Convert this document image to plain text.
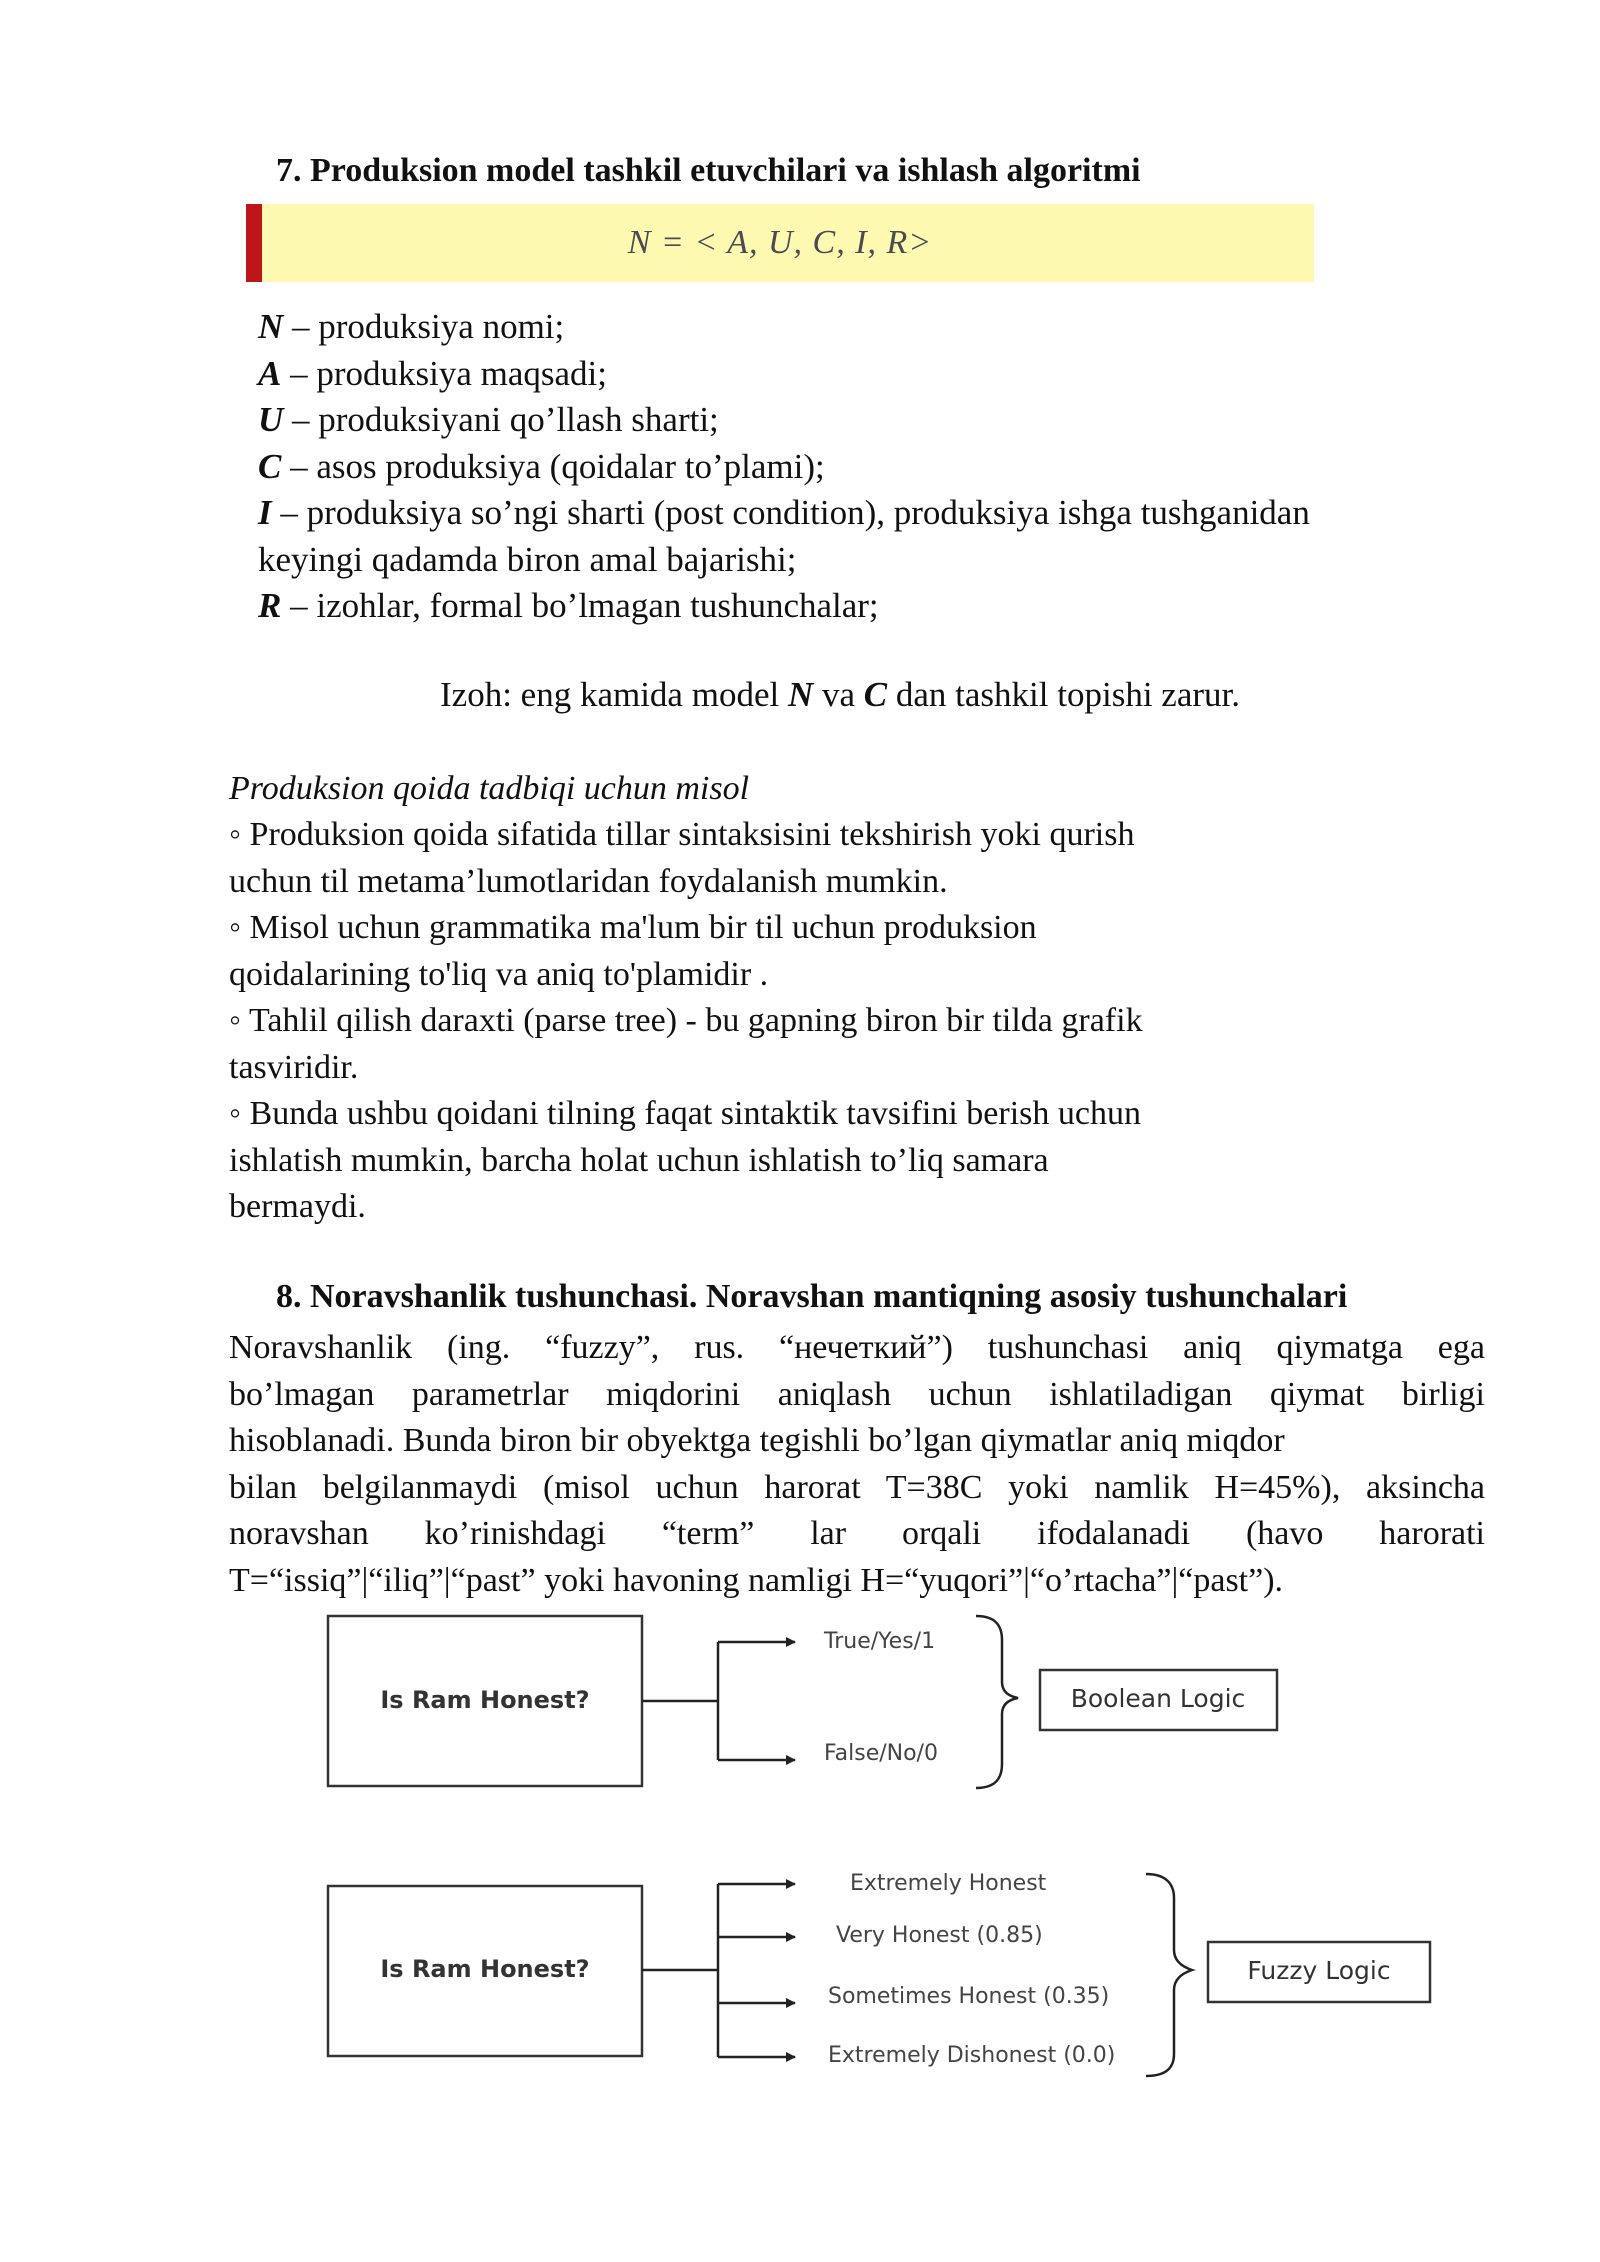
7. Produksion model tashkil etuvchilari va ishlash algoritmi
N = < A, U, C, I, R>
N – produksiya nomi;
A – produksiya maqsadi;
U – produksiyani qo’llash sharti;
C – asos produksiya (qoidalar to’plami);
I – produksiya so’ngi sharti (post condition), produksiya ishga tushganidan
keyingi qadamda biron amal bajarishi;
R – izohlar, formal bo’lmagan tushunchalar;
Izoh: eng kamida model N va C dan tashkil topishi zarur.
Produksion qoida tadbiqi uchun misol
◦ Produksion qoida sifatida tillar sintaksisini tekshirish yoki qurish
uchun til metama’lumotlaridan foydalanish mumkin.
◦ Misol uchun grammatika ma'lum bir til uchun produksion
qoidalarining to'liq va aniq to'plamidir .
◦ Tahlil qilish daraxti (parse tree) - bu gapning biron bir tilda grafik
tasviridir.
◦ Bunda ushbu qoidani tilning faqat sintaktik tavsifini berish uchun
ishlatish mumkin, barcha holat uchun ishlatish to’liq samara
bermaydi.
8. Noravshanlik tushunchasi. Noravshan mantiqning asosiy tushunchalari
Noravshanlik (ing. “fuzzy”, rus. “нечеткий”) tushunchasi aniq qiymatga ega
bo’lmagan parametrlar miqdorini aniqlash uchun ishlatiladigan qiymat birligi
hisoblanadi. Bunda biron bir obyektga tegishli bo’lgan qiymatlar aniq miqdor
bilan belgilanmaydi (misol uchun harorat T=38C yoki namlik H=45%), aksincha
noravshan ko’rinishdagi “term” lar orqali ifodalanadi (havo harorati
T=“issiq”|“iliq”|“past” yoki havoning namligi H=“yuqori”|“o’rtacha”|“past”).
Is Ram Honest?
True/Yes/1
False/No/0
Boolean Logic
Is Ram Honest?
Extremely Honest
Very Honest (0.85)
Sometimes Honest (0.35)
Extremely Dishonest (0.0)
Fuzzy Logic
